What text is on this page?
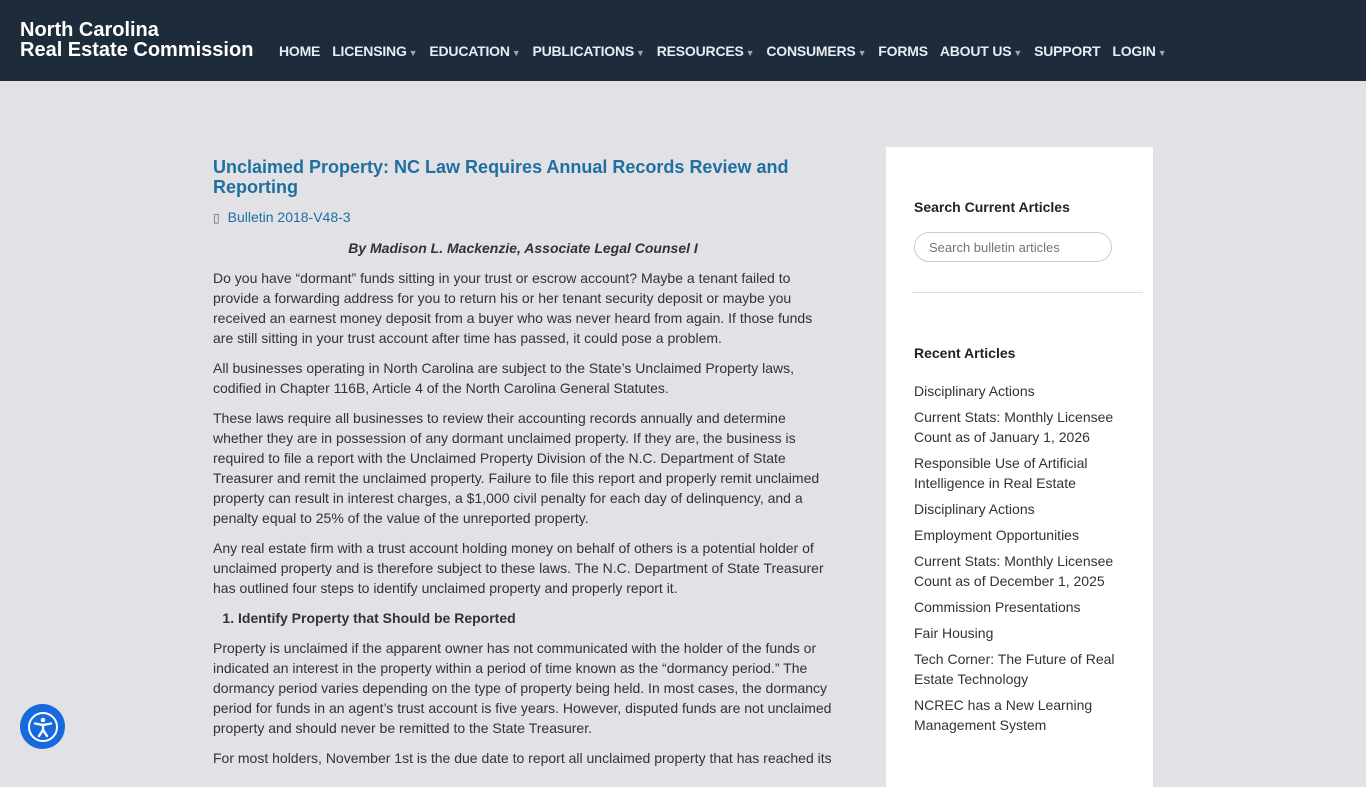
North Carolina
Real Estate Commission HOME LICENSING ▼ EDUCATION ▼ PUBLICATIONS ▼ RESOURCES ▼ CONSUMERS ▼ FORMS ABOUT US ▼ SUPPORT LOGIN ▼
Unclaimed Property: NC Law Requires Annual Records Review and Reporting
▯ Bulletin 2018-V48-3
By Madison L. Mackenzie, Associate Legal Counsel I

Do you have “dormant” funds sitting in your trust or escrow account? Maybe a tenant failed to provide a forwarding address for you to return his or her tenant security deposit or maybe you received an earnest money deposit from a buyer who was never heard from again. If those funds are still sitting in your trust account after time has passed, it could pose a problem.

All businesses operating in North Carolina are subject to the State’s Unclaimed Property laws, codified in Chapter 116B, Article 4 of the North Carolina General Statutes.

These laws require all businesses to review their accounting records annually and determine whether they are in possession of any dormant unclaimed property. If they are, the business is required to file a report with the Unclaimed Property Division of the N.C. Department of State Treasurer and remit the unclaimed property. Failure to file this report and properly remit unclaimed property can result in interest charges, a $1,000 civil penalty for each day of delinquency, and a penalty equal to 25% of the value of the unreported property.

Any real estate firm with a trust account holding money on behalf of others is a potential holder of unclaimed property and is therefore subject to these laws. The N.C. Department of State Treasurer has outlined four steps to identify unclaimed property and properly report it.

1. Identify Property that Should be Reported

Property is unclaimed if the apparent owner has not communicated with the holder of the funds or indicated an interest in the property within a period of time known as the “dormancy period.” The dormancy period varies depending on the type of property being held. In most cases, the dormancy period for funds in an agent’s trust account is five years. However, disputed funds are not unclaimed property and should never be remitted to the State Treasurer.

For most holders, November 1st is the due date to report all unclaimed property that has reached its

Search Current Articles
Search bulletin articles
Recent Articles
Disciplinary Actions
Current Stats: Monthly Licensee Count as of January 1, 2026
Responsible Use of Artificial Intelligence in Real Estate
Disciplinary Actions
Employment Opportunities
Current Stats: Monthly Licensee Count as of December 1, 2025
Commission Presentations
Fair Housing
Tech Corner: The Future of Real Estate Technology
NCREC has a New Learning Management System
